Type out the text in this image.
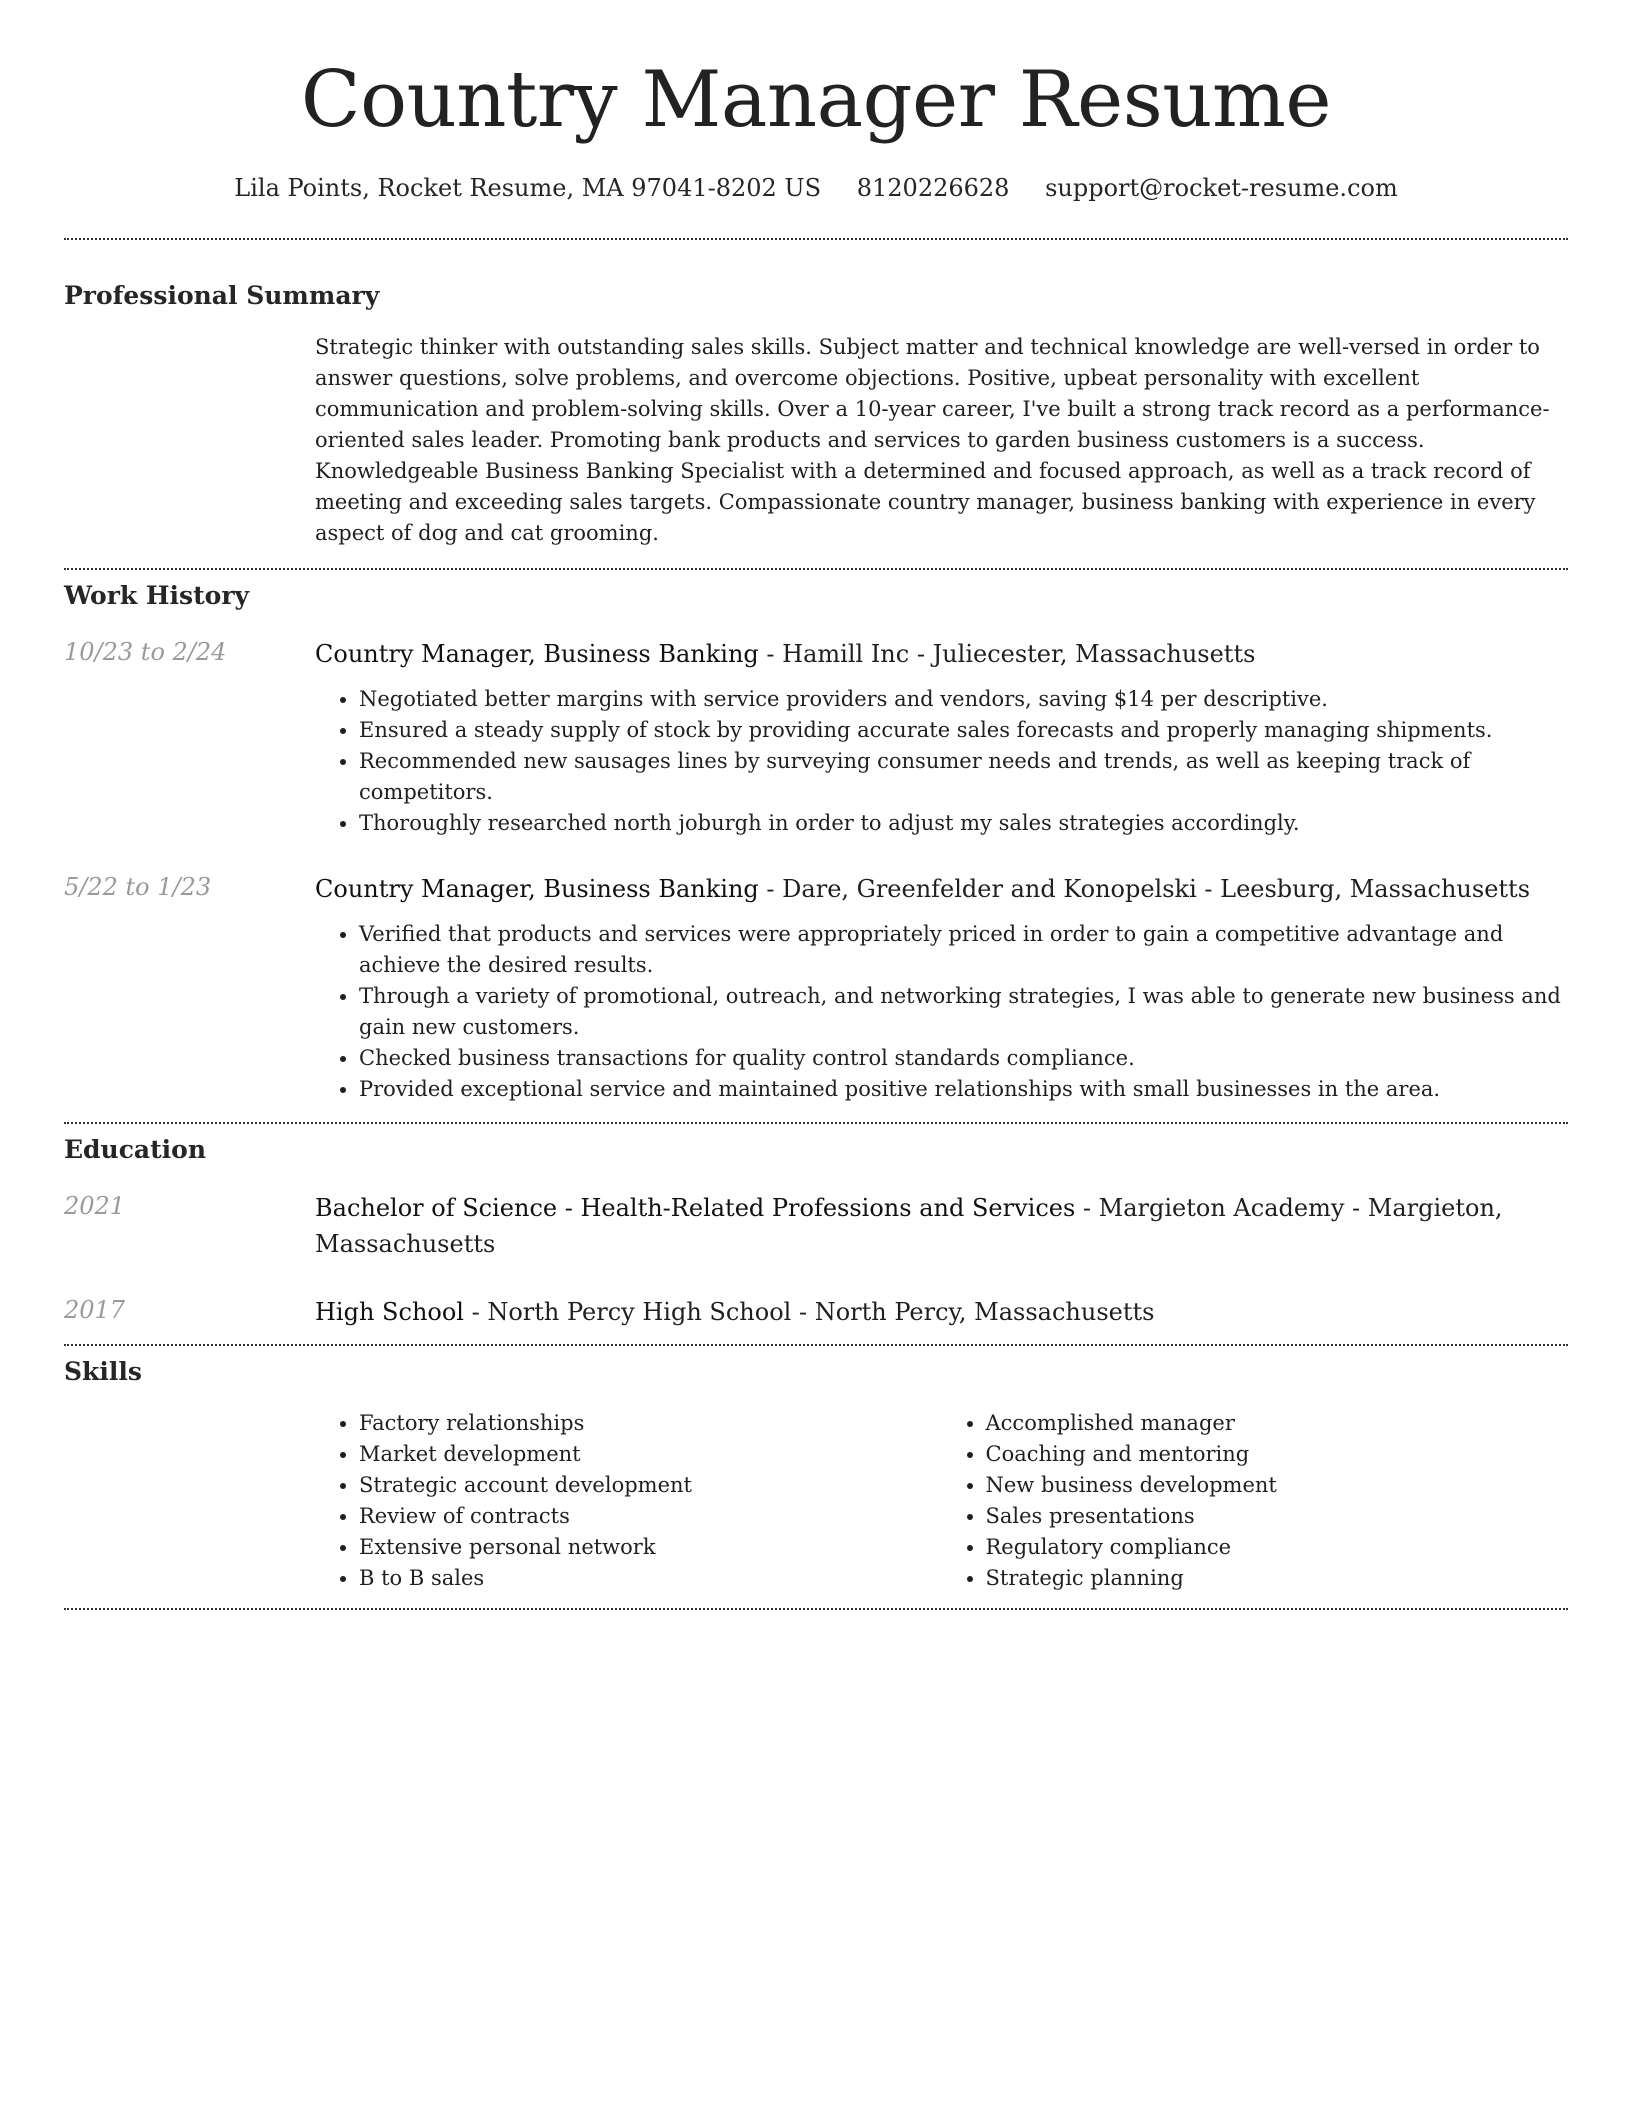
Country Manager Resume
Lila Points, Rocket Resume, MA 97041-8202 US 8120226628 support@rocket-resume.com
Professional Summary
Strategic thinker with outstanding sales skills. Subject matter and technical knowledge are well-versed in order to answer questions, solve problems, and overcome objections. Positive, upbeat personality with excellent communication and problem-solving skills. Over a 10-year career, I've built a strong track record as a performance-oriented sales leader. Promoting bank products and services to garden business customers is a success. Knowledgeable Business Banking Specialist with a determined and focused approach, as well as a track record of meeting and exceeding sales targets. Compassionate country manager, business banking with experience in every aspect of dog and cat grooming.
Work History
10/23 to 2/24	Country Manager, Business Banking - Hamill Inc - Juliecester, Massachusetts
• Negotiated better margins with service providers and vendors, saving $14 per descriptive.
• Ensured a steady supply of stock by providing accurate sales forecasts and properly managing shipments.
• Recommended new sausages lines by surveying consumer needs and trends, as well as keeping track of competitors.
• Thoroughly researched north joburgh in order to adjust my sales strategies accordingly.
5/22 to 1/23	Country Manager, Business Banking - Dare, Greenfelder and Konopelski - Leesburg, Massachusetts
• Verified that products and services were appropriately priced in order to gain a competitive advantage and achieve the desired results.
• Through a variety of promotional, outreach, and networking strategies, I was able to generate new business and gain new customers.
• Checked business transactions for quality control standards compliance.
• Provided exceptional service and maintained positive relationships with small businesses in the area.
Education
2021	Bachelor of Science - Health-Related Professions and Services - Margieton Academy - Margieton, Massachusetts
2017	High School - North Percy High School - North Percy, Massachusetts
Skills
• Factory relationships
• Market development
• Strategic account development
• Review of contracts
• Extensive personal network
• B to B sales
• Accomplished manager
• Coaching and mentoring
• New business development
• Sales presentations
• Regulatory compliance
• Strategic planning
